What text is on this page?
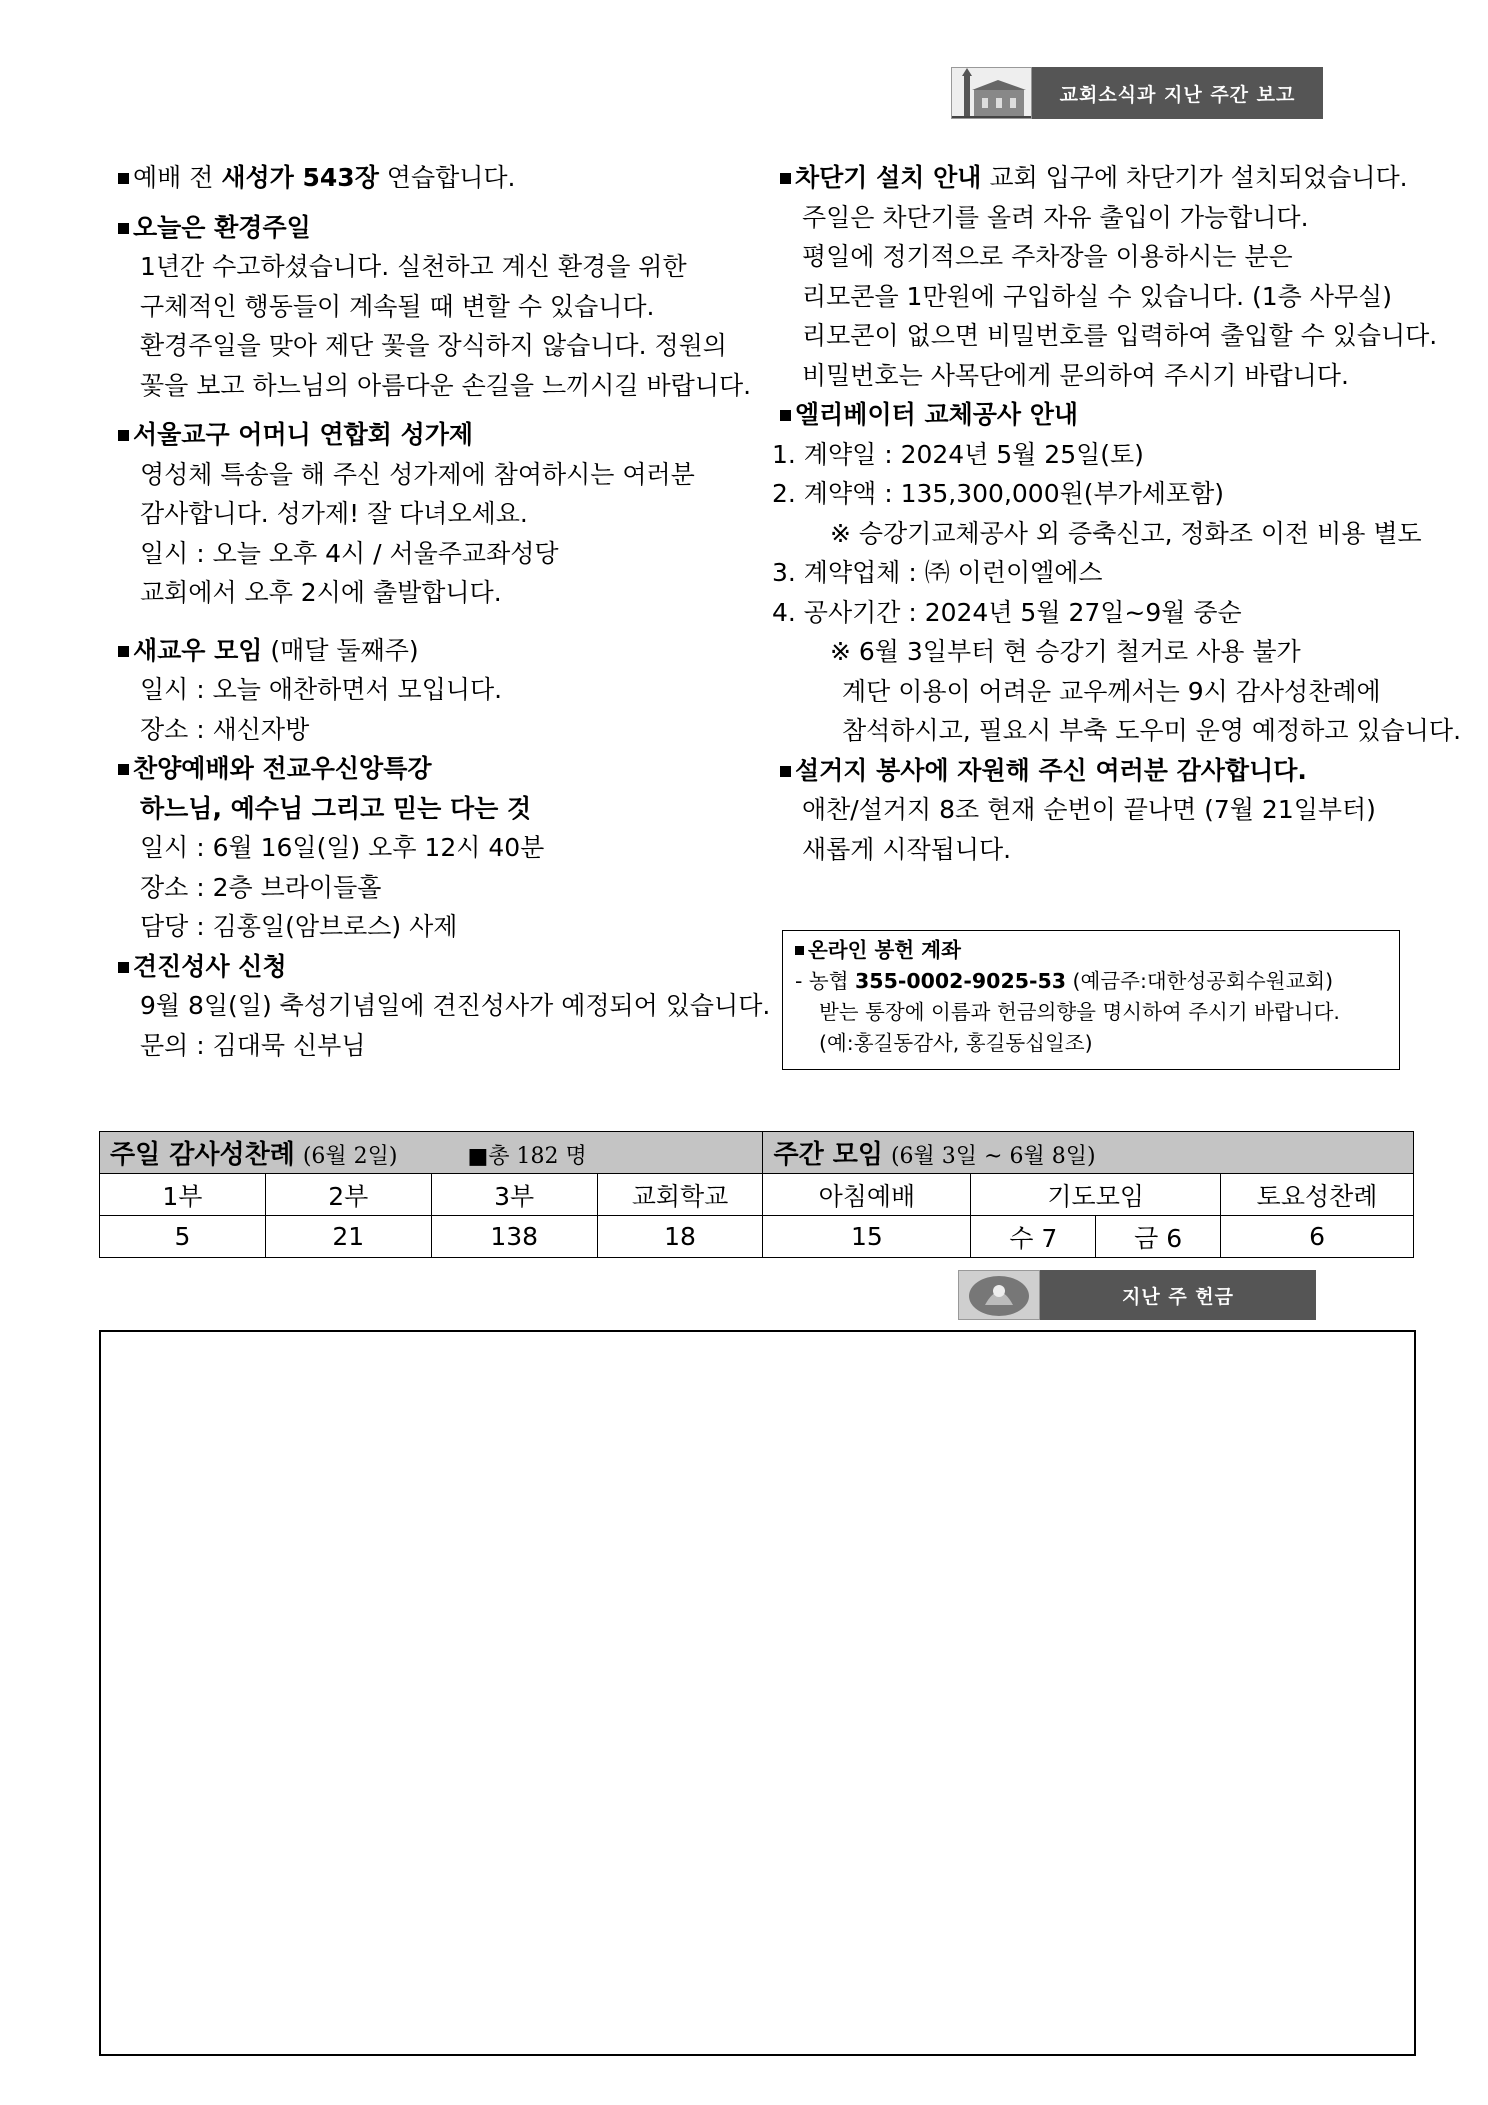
교회소식과 지난 주간 보고
예배 전 새성가 543장 연습합니다.
오늘은 환경주일
1년간 수고하셨습니다. 실천하고 계신 환경을 위한
구체적인 행동들이 계속될 때 변할 수 있습니다.
환경주일을 맞아 제단 꽃을 장식하지 않습니다. 정원의
꽃을 보고 하느님의 아름다운 손길을 느끼시길 바랍니다.
서울교구 어머니 연합회 성가제
영성체 특송을 해 주신 성가제에 참여하시는 여러분
감사합니다. 성가제! 잘 다녀오세요.
일시 : 오늘 오후 4시 / 서울주교좌성당
교회에서 오후 2시에 출발합니다.
새교우 모임 (매달 둘째주)
일시 : 오늘 애찬하면서 모입니다.
장소 : 새신자방
찬양예배와 전교우신앙특강
하느님, 예수님 그리고 믿는 다는 것
일시 : 6월 16일(일) 오후 12시 40분
장소 : 2층 브라이들홀
담당 : 김홍일(암브로스) 사제
견진성사 신청
9월 8일(일) 축성기념일에 견진성사가 예정되어 있습니다.
문의 : 김대묵 신부님
차단기 설치 안내 교회 입구에 차단기가 설치되었습니다.
주일은 차단기를 올려 자유 출입이 가능합니다.
평일에 정기적으로 주차장을 이용하시는 분은
리모콘을 1만원에 구입하실 수 있습니다. (1층 사무실)
리모콘이 없으면 비밀번호를 입력하여 출입할 수 있습니다.
비밀번호는 사목단에게 문의하여 주시기 바랍니다.
엘리베이터 교체공사 안내
1. 계약일 : 2024년 5월 25일(토)
2. 계약액 : 135,300,000원(부가세포함)
※ 승강기교체공사 외 증축신고, 정화조 이전 비용 별도
3. 계약업체 : ㈜ 이런이엘에스
4. 공사기간 : 2024년 5월 27일~9월 중순
※ 6월 3일부터 현 승강기 철거로 사용 불가
계단 이용이 어려운 교우께서는 9시 감사성찬례에
참석하시고, 필요시 부축 도우미 운영 예정하고 있습니다.
설거지 봉사에 자원해 주신 여러분 감사합니다.
애찬/설거지 8조 현재 순번이 끝나면 (7월 21일부터)
새롭게 시작됩니다.
온라인 봉헌 계좌
- 농협 355-0002-9025-53 (예금주:대한성공회수원교회)
받는 통장에 이름과 헌금의향을 명시하여 주시기 바랍니다.
(예:홍길동감사, 홍길동십일조)
주일 감사성찬례 (6월 2일) ■총 182 명				주간 모임 (6월 3일 ~ 6월 8일)			
1부	2부	3부	교회학교	아침예배	기도모임		토요성찬례
5	21	138	18	15	수 7	금 6	6
지난 주 헌금
